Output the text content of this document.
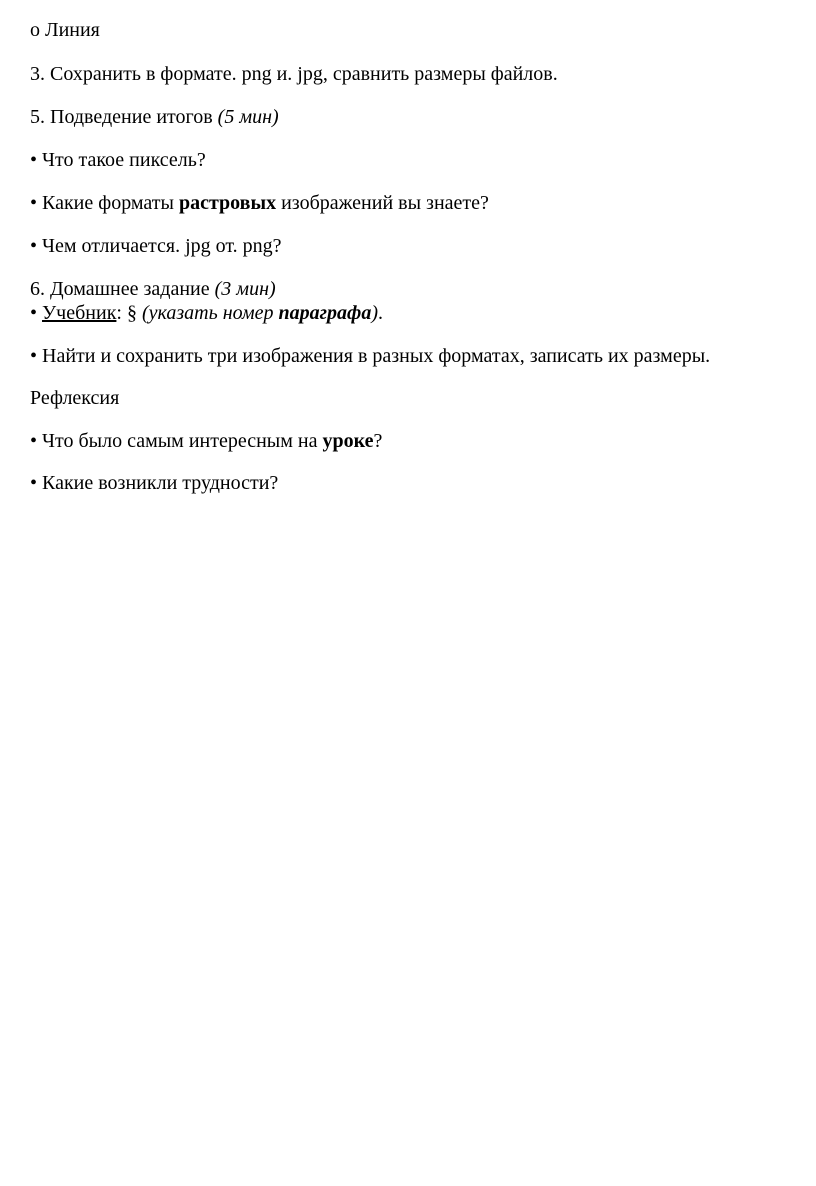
o Линия
3. Сохранить в формате. png и. jpg, сравнить размеры файлов.
5. Подведение итогов (5 мин)
• Что такое пиксель?
• Какие форматы растровых изображений вы знаете?
• Чем отличается. jpg от. png?
6. Домашнее задание (3 мин)
• Учебник: § (указать номер параграфа).
• Найти и сохранить три изображения в разных форматах, записать их размеры.
Рефлексия
• Что было самым интересным на уроке?
• Какие возникли трудности?
